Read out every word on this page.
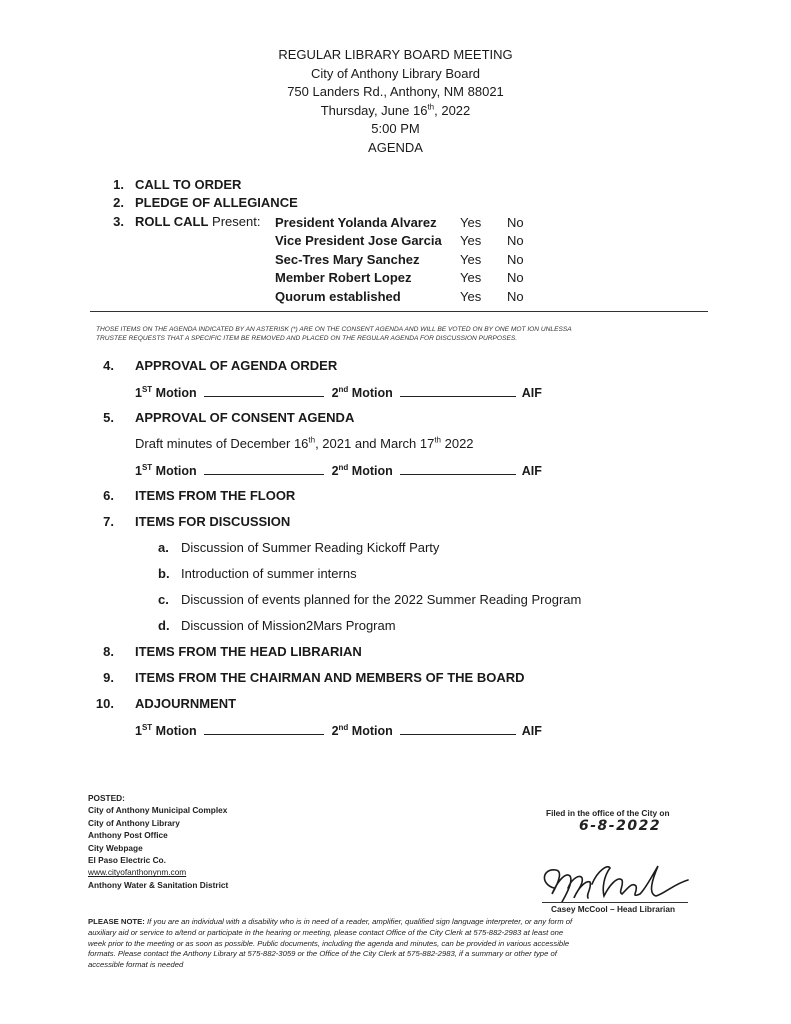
REGULAR LIBRARY BOARD MEETING
City of Anthony Library Board
750 Landers Rd., Anthony, NM 88021
Thursday, June 16th, 2022
5:00 PM
AGENDA
1. CALL TO ORDER
2. PLEDGE OF ALLEGIANCE
3. ROLL CALL Present: President Yolanda Alvarez Yes No
Vice President Jose Garcia Yes No
Sec-Tres Mary Sanchez	Yes No
Member Robert Lopez	Yes No
Quorum established	Yes No
THOSE ITEMS ON THE AGENDA INDICATED BY AN ASTERISK (*) ARE ON THE CONSENT AGENDA AND WILL BE VOTED ON BY ONE MOT ION UNLESSA
TRUSTEE REQUESTS THAT A SPECIFIC ITEM BE REMOVED AND PLACED ON THE REGULAR AGENDA FOR DISCUSSION PURPOSES.
4. APPROVAL OF AGENDA ORDER
1ST Motion	2nd Motion	AIF
5. APPROVAL OF CONSENT AGENDA
Draft minutes of December 16th, 2021 and March 17th 2022
1ST Motion	2nd Motion	AIF
6. ITEMS FROM THE FLOOR
7. ITEMS FOR DISCUSSION
a. Discussion of Summer Reading Kickoff Party
b. Introduction of summer interns
c. Discussion of events planned for the 2022 Summer Reading Program
d. Discussion of Mission2Mars Program
8. ITEMS FROM THE HEAD LIBRARIAN
9. ITEMS FROM THE CHAIRMAN AND MEMBERS OF THE BOARD
10. ADJOURNMENT
1ST Motion	2nd Motion	AIF
POSTED:
City of Anthony Municipal Complex
City of Anthony Library
Anthony Post Office
City Webpage
El Paso Electric Co.
www.cityofanthonynm.com
Anthony Water & Sanitation District
Filed in the office of the City on
6-8-2022
Casey McCool – Head Librarian
PLEASE NOTE: If you are an individual with a disability who is in need of a reader, amplifier, qualified sign language interpreter, or any form of
auxiliary aid or service to a/tend or participate in the hearing or meeting, please contact Office of the City Clerk at 575-882-2983 at least one
week prior to the meeting or as soon as possible. Public documents, including the agenda and minutes, can be provided in various accessible
formats. Please contact the Anthony Library at 575-882-3059 or the Office of the City Clerk at 575-882-2983, if a summary or other type of
accessible format is needed
